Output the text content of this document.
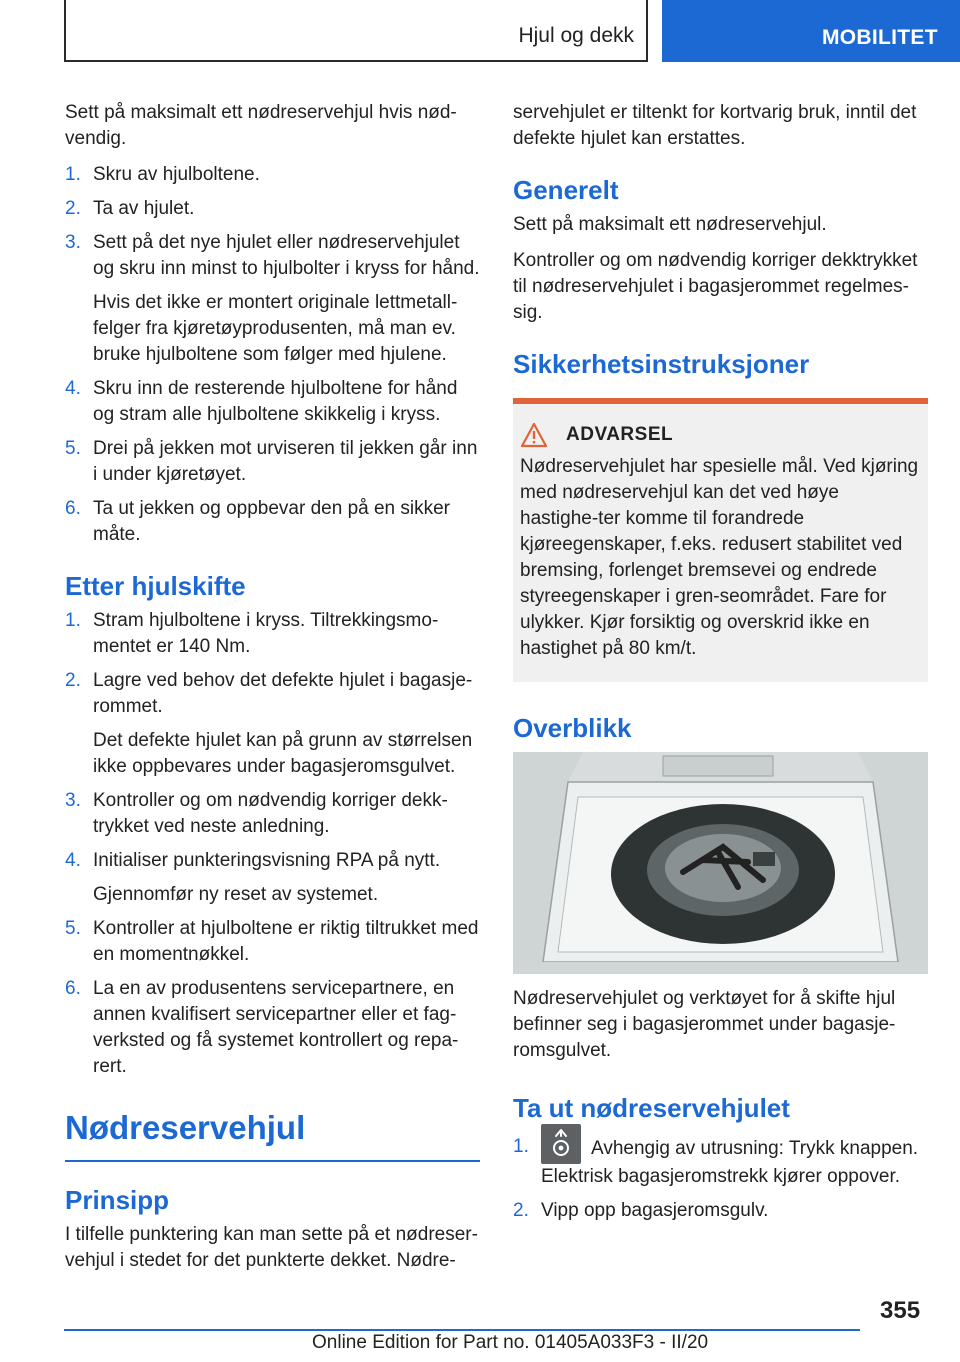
Hjul og dekk	MOBILITET

Sett på maksimalt ett nødreservehjul hvis nød-vendig.

1. Skru av hjulboltene.

2. Ta av hjulet.

3. Sett på det nye hjulet eller nødreservehjulet og skru inn minst to hjulbolter i kryss for hånd.

Hvis det ikke er montert originale lettmetall-felger fra kjøretøyprodusenten, må man ev. bruke hjulboltene som følger med hjulene.

4. Skru inn de resterende hjulboltene for hånd og stram alle hjulboltene skikkelig i kryss.

5. Drei på jekken mot urviseren til jekken går inn i under kjøretøyet.

6. Ta ut jekken og oppbevar den på en sikker måte.

Etter hjulskifte
1. Stram hjulboltene i kryss. Tiltrekkingsmo-mentet er 140 Nm.

2. Lagre ved behov det defekte hjulet i bagasje-rommet.

Det defekte hjulet kan på grunn av størrelsen ikke oppbevares under bagasjeromsgulvet.

3. Kontroller og om nødvendig korriger dekk-trykket ved neste anledning.

4. Initialiser punkteringsvisning RPA på nytt.

Gjennomfør ny reset av systemet.

5. Kontroller at hjulboltene er riktig tiltrukket med en momentnøkkel.

6. La en av produsentens servicepartnere, en annen kvalifisert servicepartner eller et fag-verksted og få systemet kontrollert og repa-rert.

Nødreservehjul
Prinsipp

I tilfelle punktering kan man sette på et nødreser-vehjul i stedet for det punkterte dekket. Nødre-

servehjulet er tiltenkt for kortvarig bruk, inntil det defekte hjulet kan erstattes.

Generelt

Sett på maksimalt ett nødreservehjul.

Kontroller og om nødvendig korriger dekktrykket til nødreservehjulet i bagasjerommet regelmes-sig.

Sikkerhetsinstruksjoner
ADVARSEL

Nødreservehjulet har spesielle mål. Ved kjøring med nødreservehjul kan det ved høye hastighe-ter komme til forandrede kjøreegenskaper, f.eks. redusert stabilitet ved bremsing, forlenget bremsevei og endrede styreegenskaper i gren-seområdet. Fare for ulykker. Kjør forsiktig og overskrid ikke en hastighet på 80 km/t.

Overblikk

Nødreservehjulet og verktøyet for å skifte hjul befinner seg i bagasjerommet under bagasje-romsgulvet.

Ta ut nødreservehjulet
1.	Avhengig av utrusning: Trykk knappen. Elektrisk bagasjeromstrekk kjører oppover.

2. Vipp opp bagasjeromsgulv.

355
Online Edition for Part no. 01405A033F3 - II/20
